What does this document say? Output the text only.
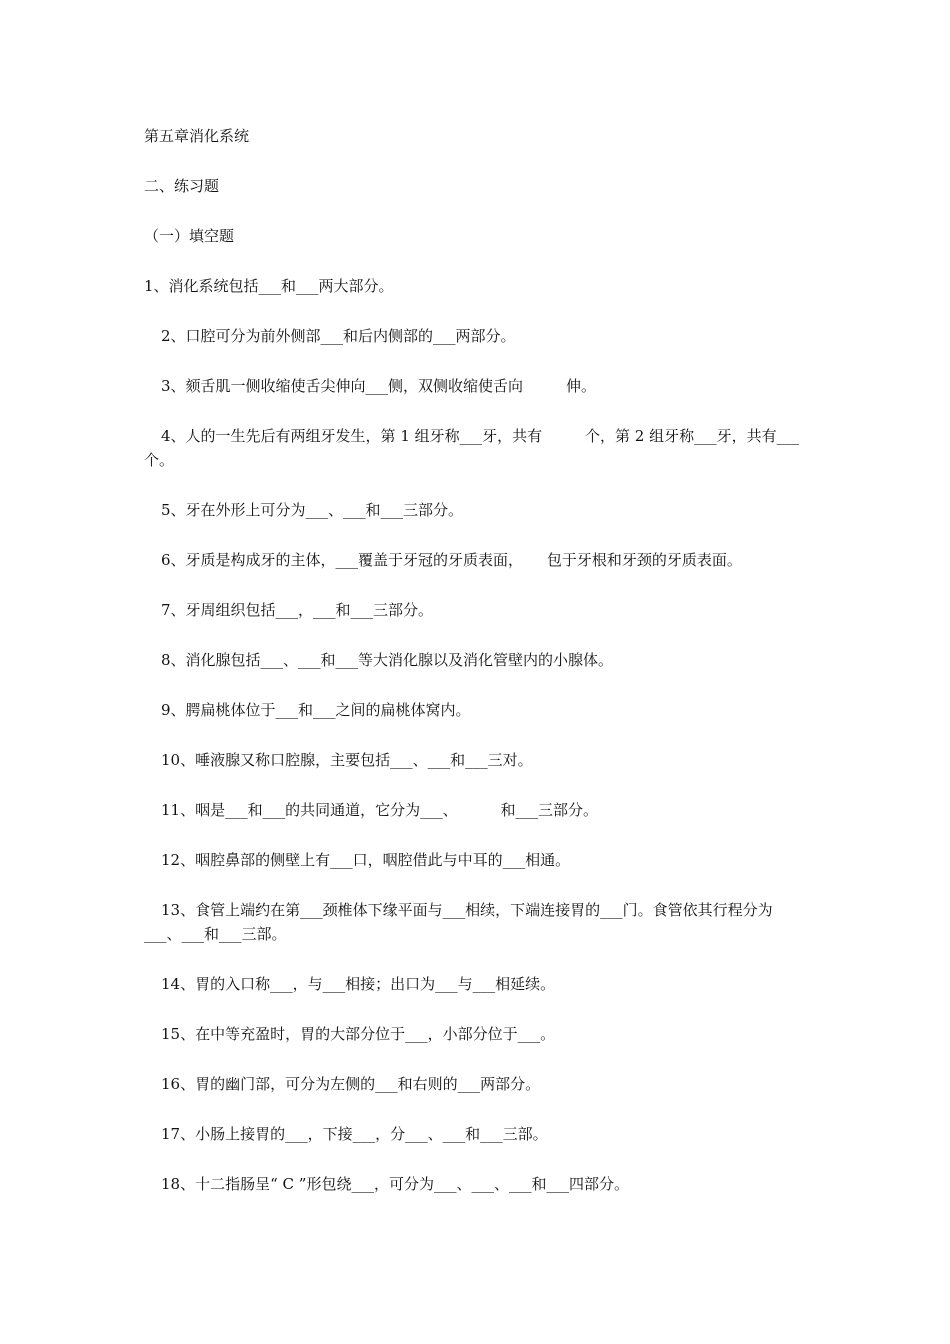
第五章消化系统

二、练习题

（一）填空题

1、消化系统包括___和___两大部分。

2、口腔可分为前外侧部___和后内侧部的___两部分。

3、颏舌肌一侧收缩使舌尖伸向___侧，双侧收缩使舌向         伸。

4、人的一生先后有两组牙发生，第 1 组牙称___牙，共有         个，第 2 组牙称___牙，共有___个。

5、牙在外形上可分为___、___和___三部分。

6、牙质是构成牙的主体，___覆盖于牙冠的牙质表面，     包于牙根和牙颈的牙质表面。

7、牙周组织包括___，___和___三部分。

8、消化腺包括___、___和___等大消化腺以及消化管壁内的小腺体。

9、腭扁桃体位于___和___之间的扁桃体窝内。

10、唾液腺又称口腔腺，主要包括___、___和___三对。

11、咽是___和___的共同通道，它分为___、         和___三部分。

12、咽腔鼻部的侧壁上有___口，咽腔借此与中耳的___相通。

13、食管上端约在第___颈椎体下缘平面与___相续，下端连接胃的___门。食管依其行程分为___、___和___三部。

14、胃的入口称___，与___相接；出口为___与___相延续。

15、在中等充盈时，胃的大部分位于___，小部分位于___。

16、胃的幽门部，可分为左侧的___和右则的___两部分。

17、小肠上接胃的___，下接___，分___、___和___三部。

18、十二指肠呈“ C ”形包绕___，可分为___、___、___和___四部分。
